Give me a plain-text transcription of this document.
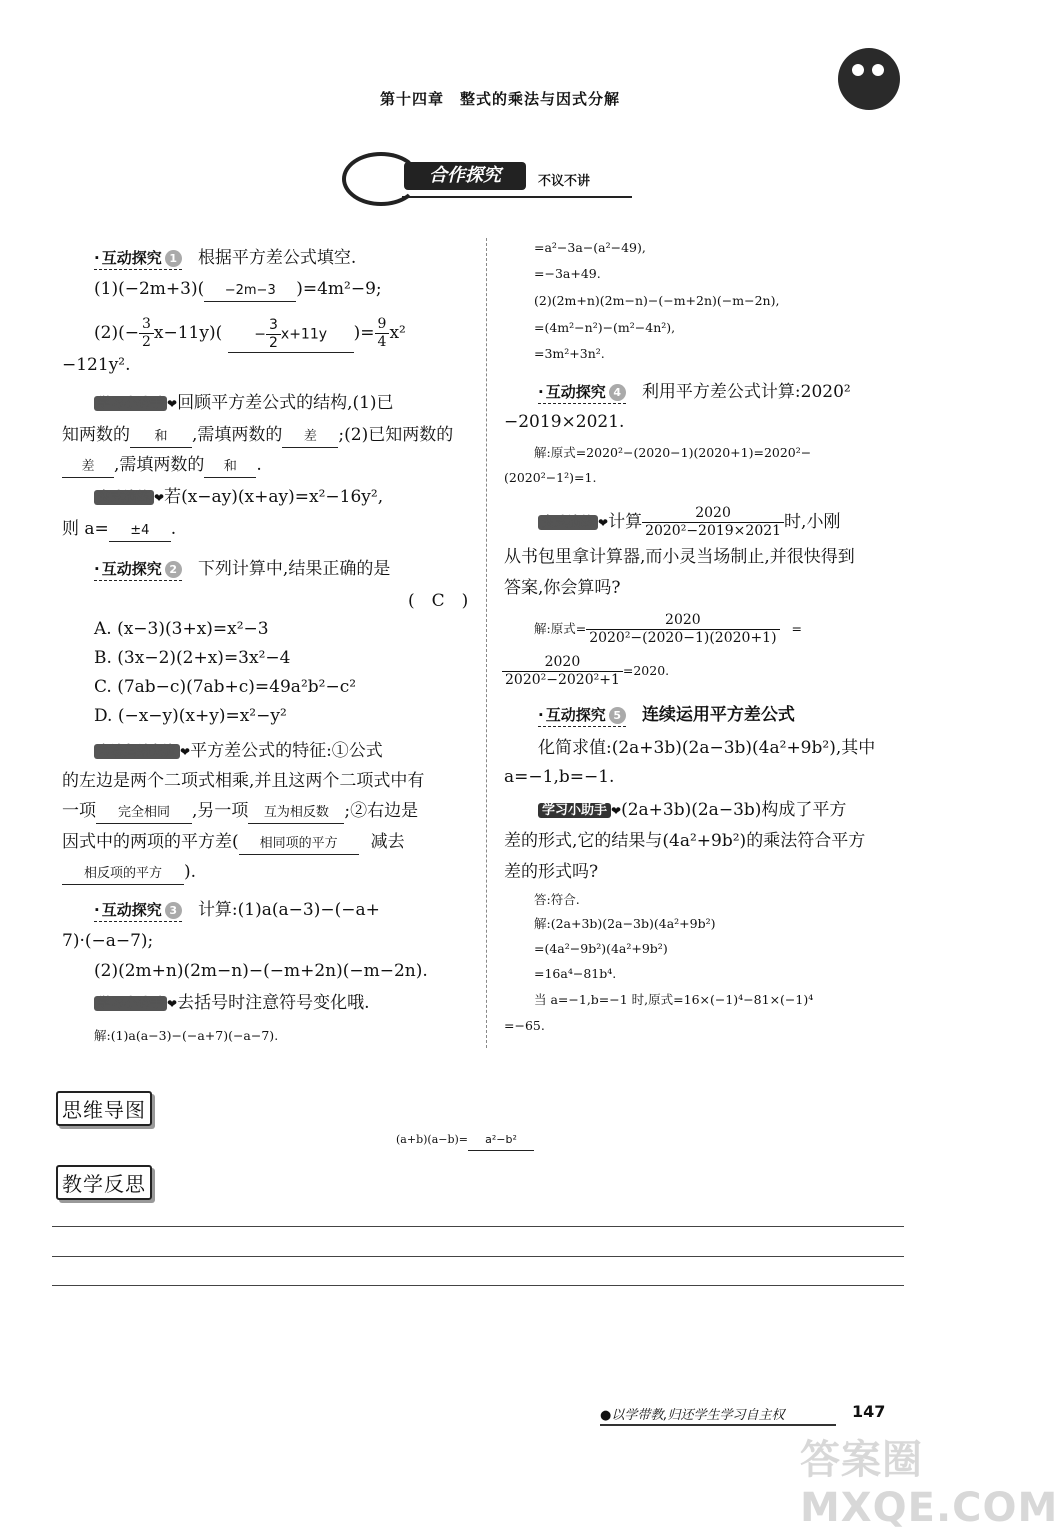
第十四章　整式的乘法与因式分解
合作探究	不议不讲
· 互动探究 1 根据平方差公式填空.
(1)(−2m+3)( −2m−3 )=4m²−9;
$(2)(- \frac{3}{2} x-11y)( - \frac{3}{2} x+11y$ )= $\frac{9}{4} x^2$
−121y².
学习小助手 ❤回顾平方差公式的结构,(1)已
知两数的 和 ,需填两数的 差 ;(2)已知两数的
差 ,需填两数的 和 .
变式演练 ❤若(x−ay)(x+ay)=x²−16y²,
则 a= ±4 .
· 互动探究 2 下列计算中,结果正确的是
(　C　)
A. (x−3)(3+x)=x²−3
B. (3x−2)(2+x)=3x²−4
C. (7ab−c)(7ab+c)=49a²b²−c²
D. (−x−y)(x+y)=x²−y²
方法归纳交流 ❤平方差公式的特征:①公式
的左边是两个二项式相乘,并且这两个二项式中有
一项 完全相同 ,另一项 互为相反数 ;②右边是
因式中的两项的平方差( 相同项的平方 减去
相反项的平方 ).
· 互动探究 3 计算:(1)a(a−3)−(−a+
7)·(−a−7);
(2)(2m+n)(2m−n)−(−m+2n)(−m−2n).
学习小助手 ❤去括号时注意符号变化哦.
解:(1)a(a−3)−(−a+7)(−a−7).
=a²−3a−(a²−49),
=−3a+49.
(2)(2m+n)(2m−n)−(−m+2n)(−m−2n),
=(4m²−n²)−(m²−4n²),
=3m²+3n².
· 互动探究 4 利用平方差公式计算:2020²
−2019×2021.
解:原式=2020²−(2020−1)(2020+1)=2020²−
(2020²−1²)=1.
变式演练 ❤计算 $\frac{2020}{\text{2020²−2019×2021}}$ 时,小刚
从书包里拿计算器,而小灵当场制止,并很快得到
答案,你会算吗?
解:原式= $\frac{2020}{\text{2020²−(2020−1)(2020+1)}}$ =
$\frac{2020}{\text{2020²−2020²+1}} =2020$.
· 互动探究 5 连续运用平方差公式
化简求值:(2a+3b)(2a−3b)(4a²+9b²),其中
a=−1,b=−1.
学习小助手 ❤(2a+3b)(2a−3b)构成了平方
差的形式,它的结果与(4a²+9b²)的乘法符合平方
差的形式吗?
答:符合.
解:(2a+3b)(2a−3b)(4a²+9b²)
=(4a²−9b²)(4a²+9b²)
=16a⁴−81b⁴.
当 a=−1,b=−1 时,原式=16×(−1)⁴−81×(−1)⁴
=−65.
思维导图
(a+b)(a−b)= a²−b²
教学反思
●以学带教,归还学生学习自主权	147
答案圈 MXQE.COM
